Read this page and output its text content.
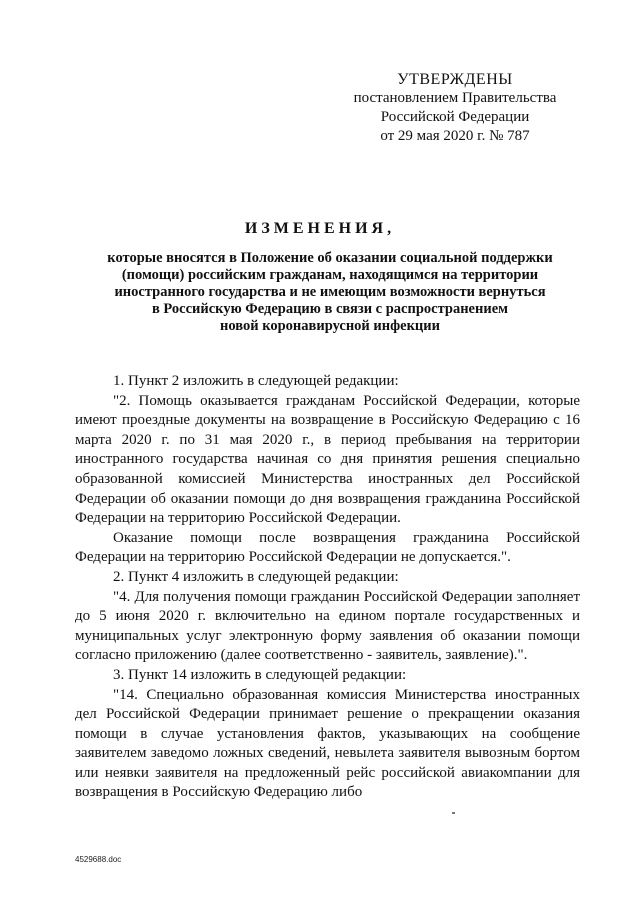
УТВЕРЖДЕНЫ
постановлением Правительства
Российской Федерации
от 29 мая 2020 г. № 787
ИЗМЕНЕНИЯ,
которые вносятся в Положение об оказании социальной поддержки
(помощи) российским гражданам, находящимся на территории
иностранного государства и не имеющим возможности вернуться
в Российскую Федерацию в связи с распространением
новой коронавирусной инфекции

1. Пункт 2 изложить в следующей редакции:

"2. Помощь оказывается гражданам Российской Федерации, которые имеют проездные документы на возвращение в Российскую Федерацию с 16 марта 2020 г. по 31 мая 2020 г., в период пребывания на территории иностранного государства начиная со дня принятия решения специально образованной комиссией Министерства иностранных дел Российской Федерации об оказании помощи до дня возвращения гражданина Российской Федерации на территорию Российской Федерации.

Оказание помощи после возвращения гражданина Российской Федерации на территорию Российской Федерации не допускается.".

2. Пункт 4 изложить в следующей редакции:

"4. Для получения помощи гражданин Российской Федерации заполняет до 5 июня 2020 г. включительно на едином портале государственных и муниципальных услуг электронную форму заявления об оказании помощи согласно приложению (далее соответственно - заявитель, заявление).".

3. Пункт 14 изложить в следующей редакции:

"14. Специально образованная комиссия Министерства иностранных дел Российской Федерации принимает решение о прекращении оказания помощи в случае установления фактов, указывающих на сообщение заявителем заведомо ложных сведений, невылета заявителя вывозным бортом или неявки заявителя на предложенный рейс российской авиакомпании для возвращения в Российскую Федерацию либо

4529688.doc
